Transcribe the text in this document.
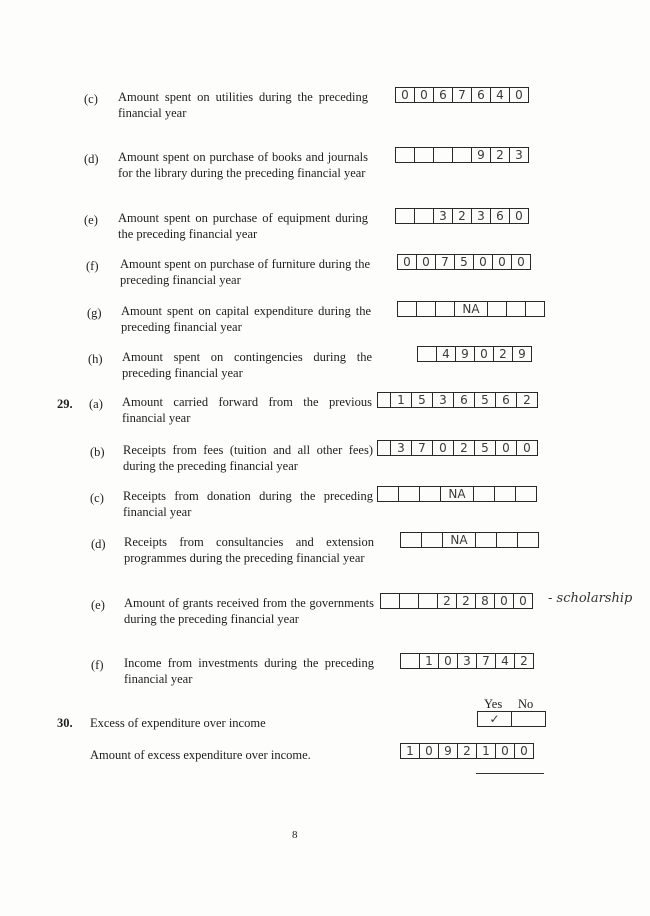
(c) Amount spent on utilities during the preceding financial year
0 0 6 7 6 4 0
(d) Amount spent on purchase of books and journals for the library during the preceding financial year
9 2 3
(e) Amount spent on purchase of equipment during the preceding financial year
3 2 3 6 0
(f) Amount spent on purchase of furniture during the preceding financial year
0 0 7 5 0 0 0
(g) Amount spent on capital expenditure during the preceding financial year
NA
(h) Amount spent on contingencies during the preceding financial year
4 9 0 2 9
29. (a) Amount carried forward from the previous financial year
1	5	3	6	5	6	2
(b) Receipts from fees (tuition and all other fees) during the preceding financial year
3	7	0	2	5	0	0
(c) Receipts from donation during the preceding financial year
NA
(d) Receipts from consultancies and extension programmes during the preceding financial year
NA
(e) Amount of grants received from the governments during the preceding financial year
2 2 8 0 0	- scholarship
(f) Income from investments during the preceding financial year
1 0 3 7 4 2
Yes No
30. Excess of expenditure over income	✓
Amount of excess expenditure over income.	1 0 9 2 1 0 0
8
